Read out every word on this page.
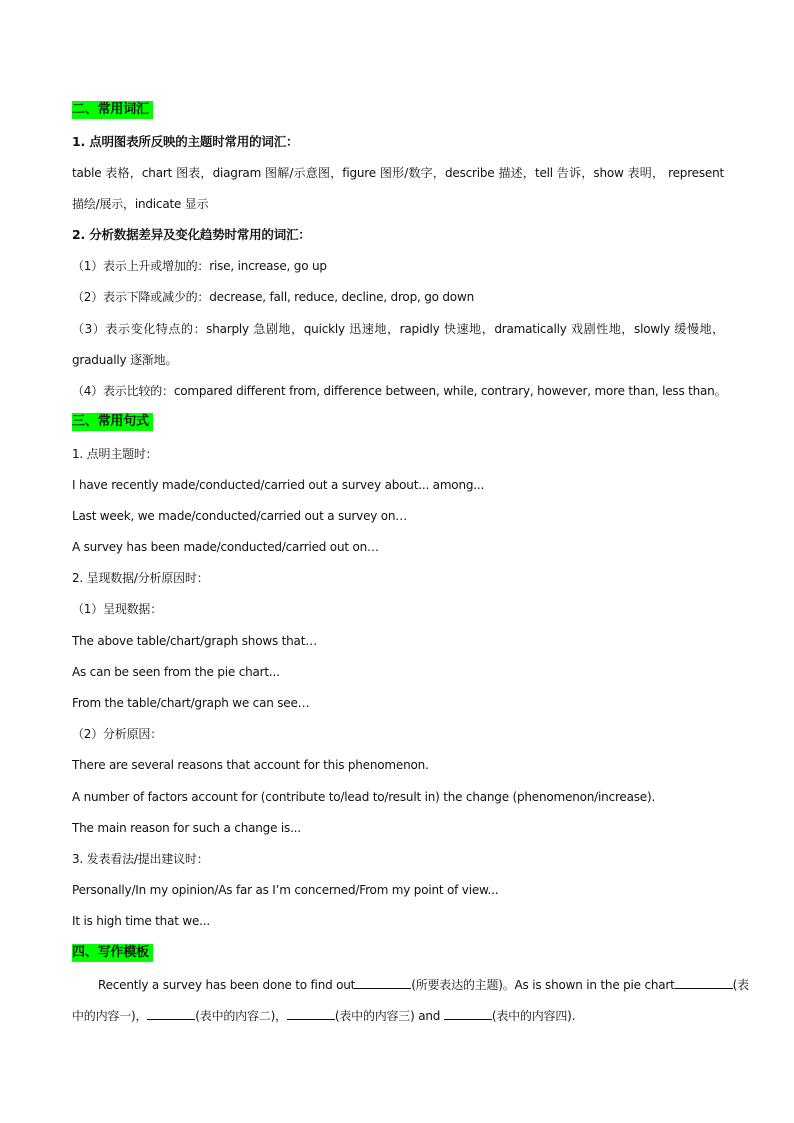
二、常用词汇
1. 点明图表所反映的主题时常用的词汇：
table 表格，chart 图表，diagram 图解/示意图，figure 图形/数字，describe 描述，tell 告诉，show 表明， represent
描绘/展示，indicate 显示
2. 分析数据差异及变化趋势时常用的词汇：
（1）表示上升或增加的：rise, increase, go up
（2）表示下降或减少的：decrease, fall, reduce, decline, drop, go down
（3）表示变化特点的：sharply 急剧地，quickly 迅速地，rapidly 快速地，dramatically 戏剧性地，slowly 缓慢地，
gradually 逐渐地。
（4）表示比较的：compared different from, difference between, while, contrary, however, more than, less than。
三、常用句式
1. 点明主题时：
I have recently made/conducted/carried out a survey about... among...
Last week, we made/conducted/carried out a survey on…
A survey has been made/conducted/carried out on…
2. 呈现数据/分析原因时：
（1）呈现数据：
The above table/chart/graph shows that…
As can be seen from the pie chart...
From the table/chart/graph we can see…
（2）分析原因：
There are several reasons that account for this phenomenon.
A number of factors account for (contribute to/lead to/result in) the change (phenomenon/increase).
The main reason for such a change is...
3. 发表看法/提出建议时：
Personally/In my opinion/As far as I’m concerned/From my point of view...
It is high time that we...
四、写作模板
Recently a survey has been done to find out	(所要表达的主题)。As is shown in the pie chart	(表
中的内容一)，	(表中的内容二)，	(表中的内容三) and	(表中的内容四).
